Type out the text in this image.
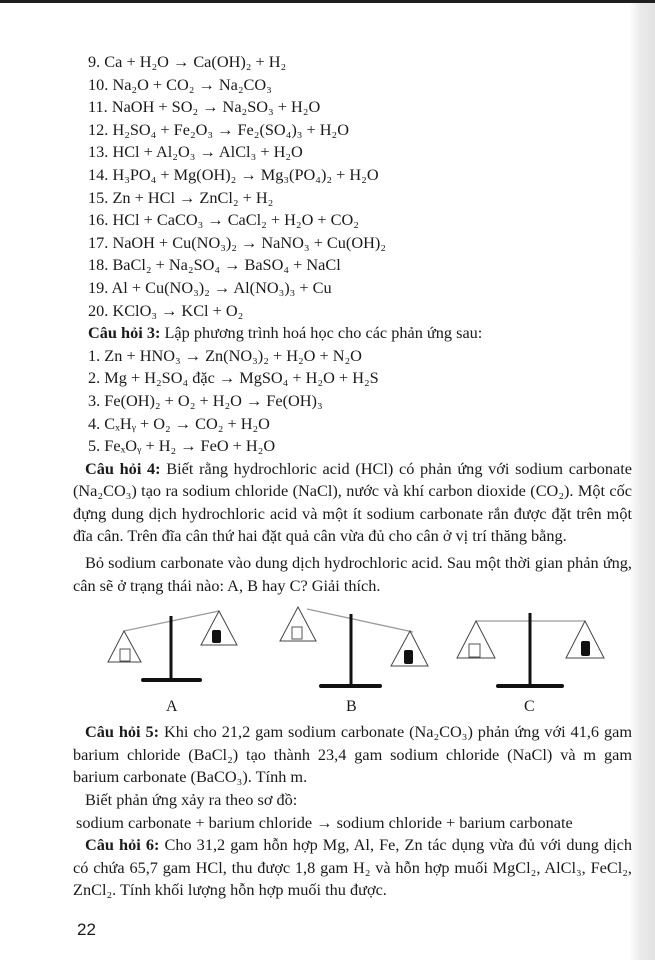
9. Ca + H₂O → Ca(OH)₂ + H₂
10. Na₂O + CO₂ → Na₂CO₃
11. NaOH + SO₂ → Na₂SO₃ + H₂O
12. H₂SO₄ + Fe₂O₃ → Fe₂(SO₄)₃ + H₂O
13. HCl + Al₂O₃ → AlCl₃ + H₂O
14. H₃PO₄ + Mg(OH)₂ → Mg₃(PO₄)₂ + H₂O
15. Zn + HCl → ZnCl₂ + H₂
16. HCl + CaCO₃ → CaCl₂ + H₂O + CO₂
17. NaOH + Cu(NO₃)₂ → NaNO₃ + Cu(OH)₂
18. BaCl₂ + Na₂SO₄ → BaSO₄ + NaCl
19. Al + Cu(NO₃)₂ → Al(NO₃)₃ + Cu
20. KClO₃ → KCl + O₂
Câu hỏi 3: Lập phương trình hoá học cho các phản ứng sau:
1. Zn + HNO₃ → Zn(NO₃)₂ + H₂O + N₂O
2. Mg + H₂SO₄ đặc → MgSO₄ + H₂O + H₂S
3. Fe(OH)₂ + O₂ + H₂O → Fe(OH)₃
4. CₓHᵧ + O₂ → CO₂ + H₂O
5. FeₓOᵧ + H₂ → FeO + H₂O
Câu hỏi 4: Biết rằng hydrochloric acid (HCl) có phản ứng với sodium carbonate (Na₂CO₃) tạo ra sodium chloride (NaCl), nước và khí carbon dioxide (CO₂). Một cốc đựng dung dịch hydrochloric acid và một ít sodium carbonate rắn được đặt trên một đĩa cân. Trên đĩa cân thứ hai đặt quả cân vừa đủ cho cân ở vị trí thăng bằng.
Bỏ sodium carbonate vào dung dịch hydrochloric acid. Sau một thời gian phản ứng, cân sẽ ở trạng thái nào: A, B hay C? Giải thích.
A	B	C
Câu hỏi 5: Khi cho 21,2 gam sodium carbonate (Na₂CO₃) phản ứng với 41,6 gam barium chloride (BaCl₂) tạo thành 23,4 gam sodium chloride (NaCl) và m gam barium carbonate (BaCO₃). Tính m.
Biết phản ứng xảy ra theo sơ đồ:
sodium carbonate + barium chloride → sodium chloride + barium carbonate
Câu hỏi 6: Cho 31,2 gam hỗn hợp Mg, Al, Fe, Zn tác dụng vừa đủ với dung dịch có chứa 65,7 gam HCl, thu được 1,8 gam H₂ và hỗn hợp muối MgCl₂, AlCl₃, FeCl₂, ZnCl₂. Tính khối lượng hỗn hợp muối thu được.
22
